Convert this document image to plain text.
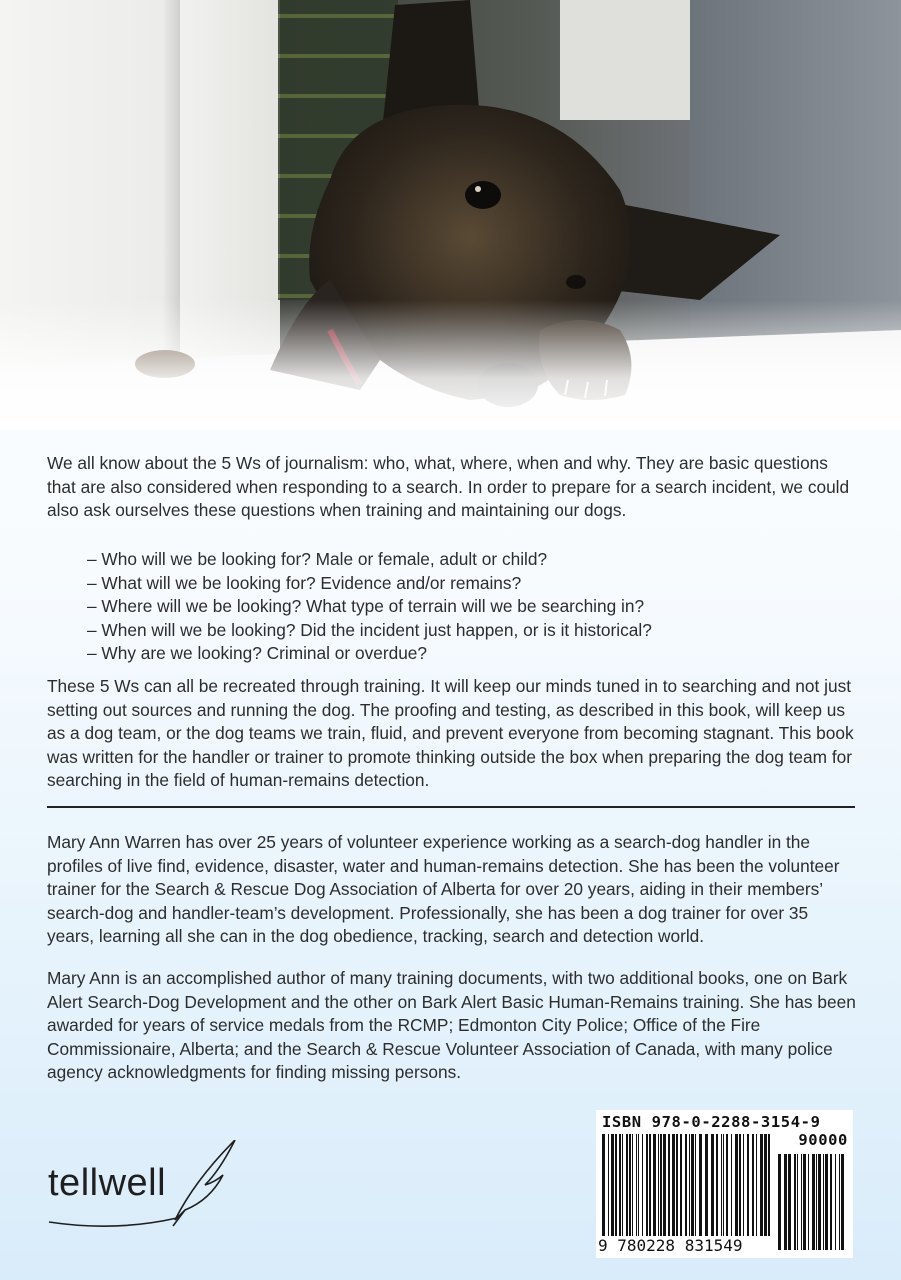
We all know about the 5 Ws of journalism: who, what, where, when and why. They are basic questions that are also considered when responding to a search. In order to prepare for a search incident, we could also ask ourselves these questions when training and maintaining our dogs.

– Who will we be looking for? Male or female, adult or child?
– What will we be looking for? Evidence and/or remains?
– Where will we be looking? What type of terrain will we be searching in?
– When will we be looking? Did the incident just happen, or is it historical?
– Why are we looking? Criminal or overdue?

These 5 Ws can all be recreated through training. It will keep our minds tuned in to searching and not just setting out sources and running the dog. The proofing and testing, as described in this book, will keep us as a dog team, or the dog teams we train, fluid, and prevent everyone from becoming stagnant. This book was written for the handler or trainer to promote thinking outside the box when preparing the dog team for searching in the field of human-remains detection.

Mary Ann Warren has over 25 years of volunteer experience working as a search-dog handler in the profiles of live find, evidence, disaster, water and human-remains detection. She has been the volunteer trainer for the Search & Rescue Dog Association of Alberta for over 20 years, aiding in their members’ search-dog and handler-team’s development. Professionally, she has been a dog trainer for over 35 years, learning all she can in the dog obedience, tracking, search and detection world.

Mary Ann is an accomplished author of many training documents, with two additional books, one on Bark Alert Search-Dog Development and the other on Bark Alert Basic Human-Remains training. She has been awarded for years of service medals from the RCMP; Edmonton City Police; Office of the Fire Commissionaire, Alberta; and the Search & Rescue Volunteer Association of Canada, with many police agency acknowledgments for finding missing persons.

tellwell
ISBN 978-0-2288-3154-9
90000
9 780228 831549
